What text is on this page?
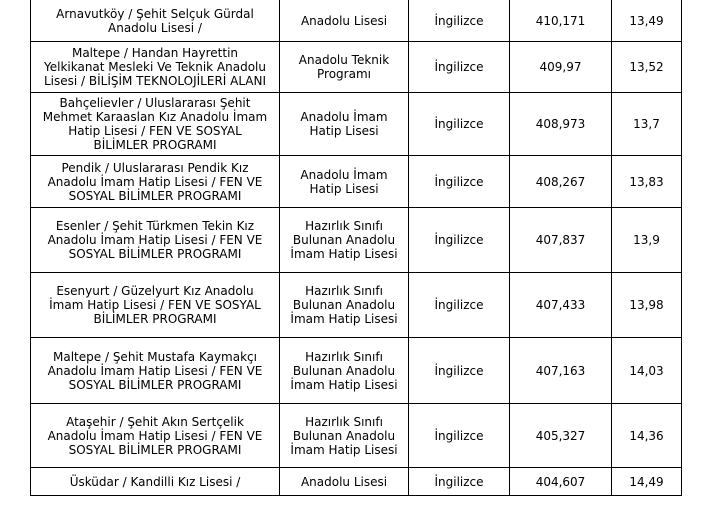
Arnavutköy / Şehit Selçuk Gürdal Anadolu Lisesi /	Anadolu Lisesi	İngilizce	410,171	13,49
Maltepe / Handan Hayrettin Yelkikanat Mesleki Ve Teknik Anadolu Lisesi / BİLİŞİM TEKNOLOJİLERİ ALANI	Anadolu Teknik Programı	İngilizce	409,97	13,52
Bahçelievler / Uluslararası Şehit Mehmet Karaaslan Kız Anadolu İmam Hatip Lisesi / FEN VE SOSYAL BİLİMLER PROGRAMI	Anadolu İmam Hatip Lisesi	İngilizce	408,973	13,7
Pendik / Uluslararası Pendik Kız Anadolu İmam Hatip Lisesi / FEN VE SOSYAL BİLİMLER PROGRAMI	Anadolu İmam Hatip Lisesi	İngilizce	408,267	13,83
Esenler / Şehit Türkmen Tekin Kız Anadolu İmam Hatip Lisesi / FEN VE SOSYAL BİLİMLER PROGRAMI	Hazırlık Sınıfı Bulunan Anadolu İmam Hatip Lisesi	İngilizce	407,837	13,9
Esenyurt / Güzelyurt Kız Anadolu İmam Hatip Lisesi / FEN VE SOSYAL BİLİMLER PROGRAMI	Hazırlık Sınıfı Bulunan Anadolu İmam Hatip Lisesi	İngilizce	407,433	13,98
Maltepe / Şehit Mustafa Kaymakçı Anadolu İmam Hatip Lisesi / FEN VE SOSYAL BİLİMLER PROGRAMI	Hazırlık Sınıfı Bulunan Anadolu İmam Hatip Lisesi	İngilizce	407,163	14,03
Ataşehir / Şehit Akın Sertçelik Anadolu İmam Hatip Lisesi / FEN VE SOSYAL BİLİMLER PROGRAMI	Hazırlık Sınıfı Bulunan Anadolu İmam Hatip Lisesi	İngilizce	405,327	14,36
Üsküdar / Kandilli Kız Lisesi /	Anadolu Lisesi	İngilizce	404,607	14,49
